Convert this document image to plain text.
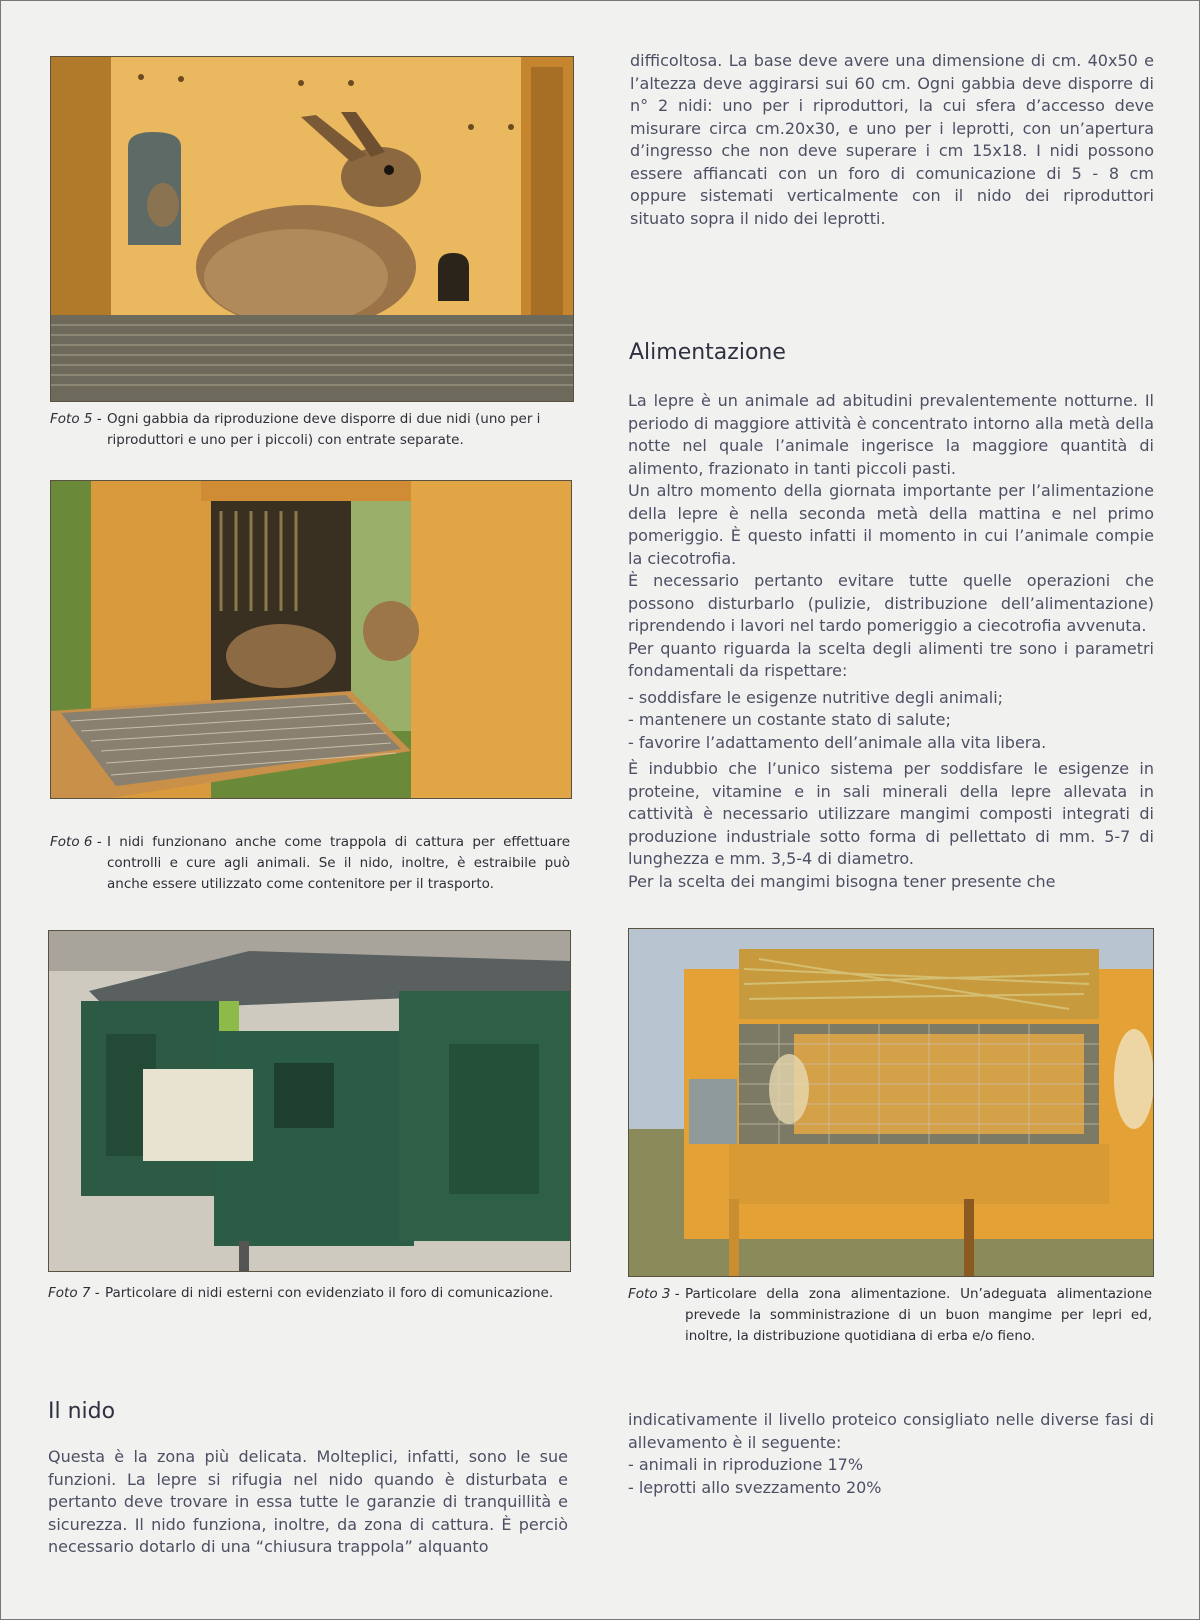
Foto 5 - Ogni gabbia da riproduzione deve disporre di due nidi (uno per i riproduttori e uno per i piccoli) con entrate separate.
Foto 6 - I nidi funzionano anche come trappola di cattura per effettuare controlli e cure agli animali. Se il nido, inoltre, è estraibile può anche essere utilizzato come contenitore per il trasporto.
Foto 7 - Particolare di nidi esterni con evidenziato il foro di comunicazione.

difficoltosa. La base deve avere una dimensione di cm. 40x50 e l’altezza deve aggirarsi sui 60 cm. Ogni gabbia deve disporre di n° 2 nidi: uno per i riproduttori, la cui sfera d’accesso deve misurare circa cm.20x30, e uno per i leprotti, con un’apertura d’ingresso che non deve superare i cm 15x18. I nidi possono essere affiancati con un foro di comunicazione di 5 - 8 cm oppure sistemati verticalmente con il nido dei riproduttori situato sopra il nido dei leprotti.

Alimentazione

La lepre è un animale ad abitudini prevalentemente notturne. Il periodo di maggiore attività è concentrato intorno alla metà della notte nel quale l’animale ingerisce la maggiore quantità di alimento, frazionato in tanti piccoli pasti.

Un altro momento della giornata importante per l’alimentazione della lepre è nella seconda metà della mattina e nel primo pomeriggio. È questo infatti il momento in cui l’animale compie la ciecotrofia.

È necessario pertanto evitare tutte quelle operazioni che possono disturbarlo (pulizie, distribuzione dell’alimentazione) riprendendo i lavori nel tardo pomeriggio a ciecotrofia avvenuta.

Per quanto riguarda la scelta degli alimenti tre sono i parametri fondamentali da rispettare:

- soddisfare le esigenze nutritive degli animali;
- mantenere un costante stato di salute;
- favorire l’adattamento dell’animale alla vita libera.

È indubbio che l’unico sistema per soddisfare le esigenze in proteine, vitamine e in sali minerali della lepre allevata in cattività è necessario utilizzare mangimi composti integrati di produzione industriale sotto forma di pellettato di mm. 5-7 di lunghezza e mm. 3,5-4 di diametro.

Per la scelta dei mangimi bisogna tener presente che

Foto 3 - Particolare della zona alimentazione. Un’adeguata alimentazione prevede la somministrazione di un buon mangime per lepri ed, inoltre, la distribuzione quotidiana di erba e/o fieno.
Il nido

Questa è la zona più delicata. Molteplici, infatti, sono le sue funzioni. La lepre si rifugia nel nido quando è disturbata e pertanto deve trovare in essa tutte le garanzie di tranquillità e sicurezza. Il nido funziona, inoltre, da zona di cattura. È perciò necessario dotarlo di una “chiusura trappola” alquanto

indicativamente il livello proteico consigliato nelle diverse fasi di allevamento è il seguente:

- animali in riproduzione 17%
- leprotti allo svezzamento 20%
